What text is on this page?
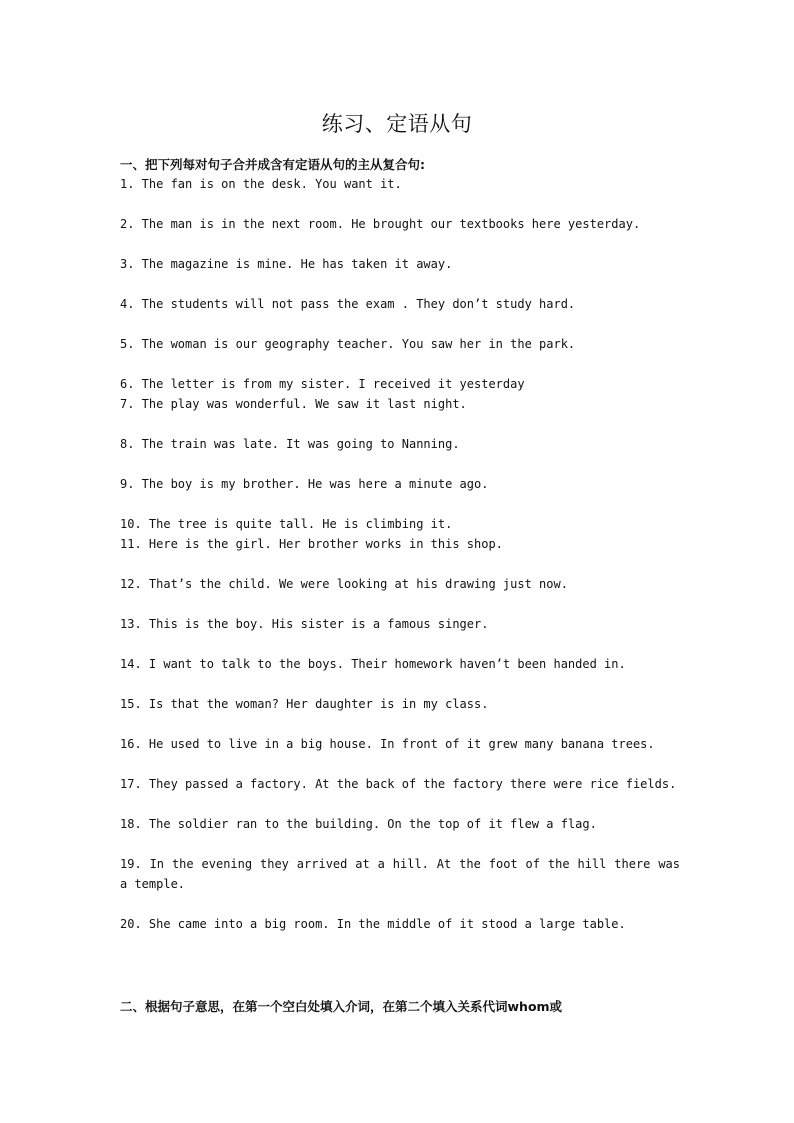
练习、定语从句
一、把下列每对句子合并成含有定语从句的主从复合句:
1. The fan is on the desk. You want it.
2. The man is in the next room. He brought our textbooks here yesterday.
3. The magazine is mine. He has taken it away.
4. The students will not pass the exam . They don’t study hard.
5. The woman is our geography teacher. You saw her in the park.
6. The letter is from my sister. I received it yesterday
7. The play was wonderful. We saw it last night.
8. The train was late. It was going to Nanning.
9. The boy is my brother. He was here a minute ago.
10. The tree is quite tall. He is climbing it.
11. Here is the girl. Her brother works in this shop.
12. That’s the child. We were looking at his drawing just now.
13. This is the boy. His sister is a famous singer.
14. I want to talk to the boys. Their homework haven’t been handed in.
15. Is that the woman? Her daughter is in my class.
16. He used to live in a big house. In front of it grew many banana trees.
17. They passed a factory. At the back of the factory there were rice fields.
18. The soldier ran to the building. On the top of it flew a flag.
19. In the evening they arrived at a hill. At the foot of the hill there was a temple.
20. She came into a big room. In the middle of it stood a large table.
二、根据句子意思，在第一个空白处填入介词，在第二个填入关系代词whom或
